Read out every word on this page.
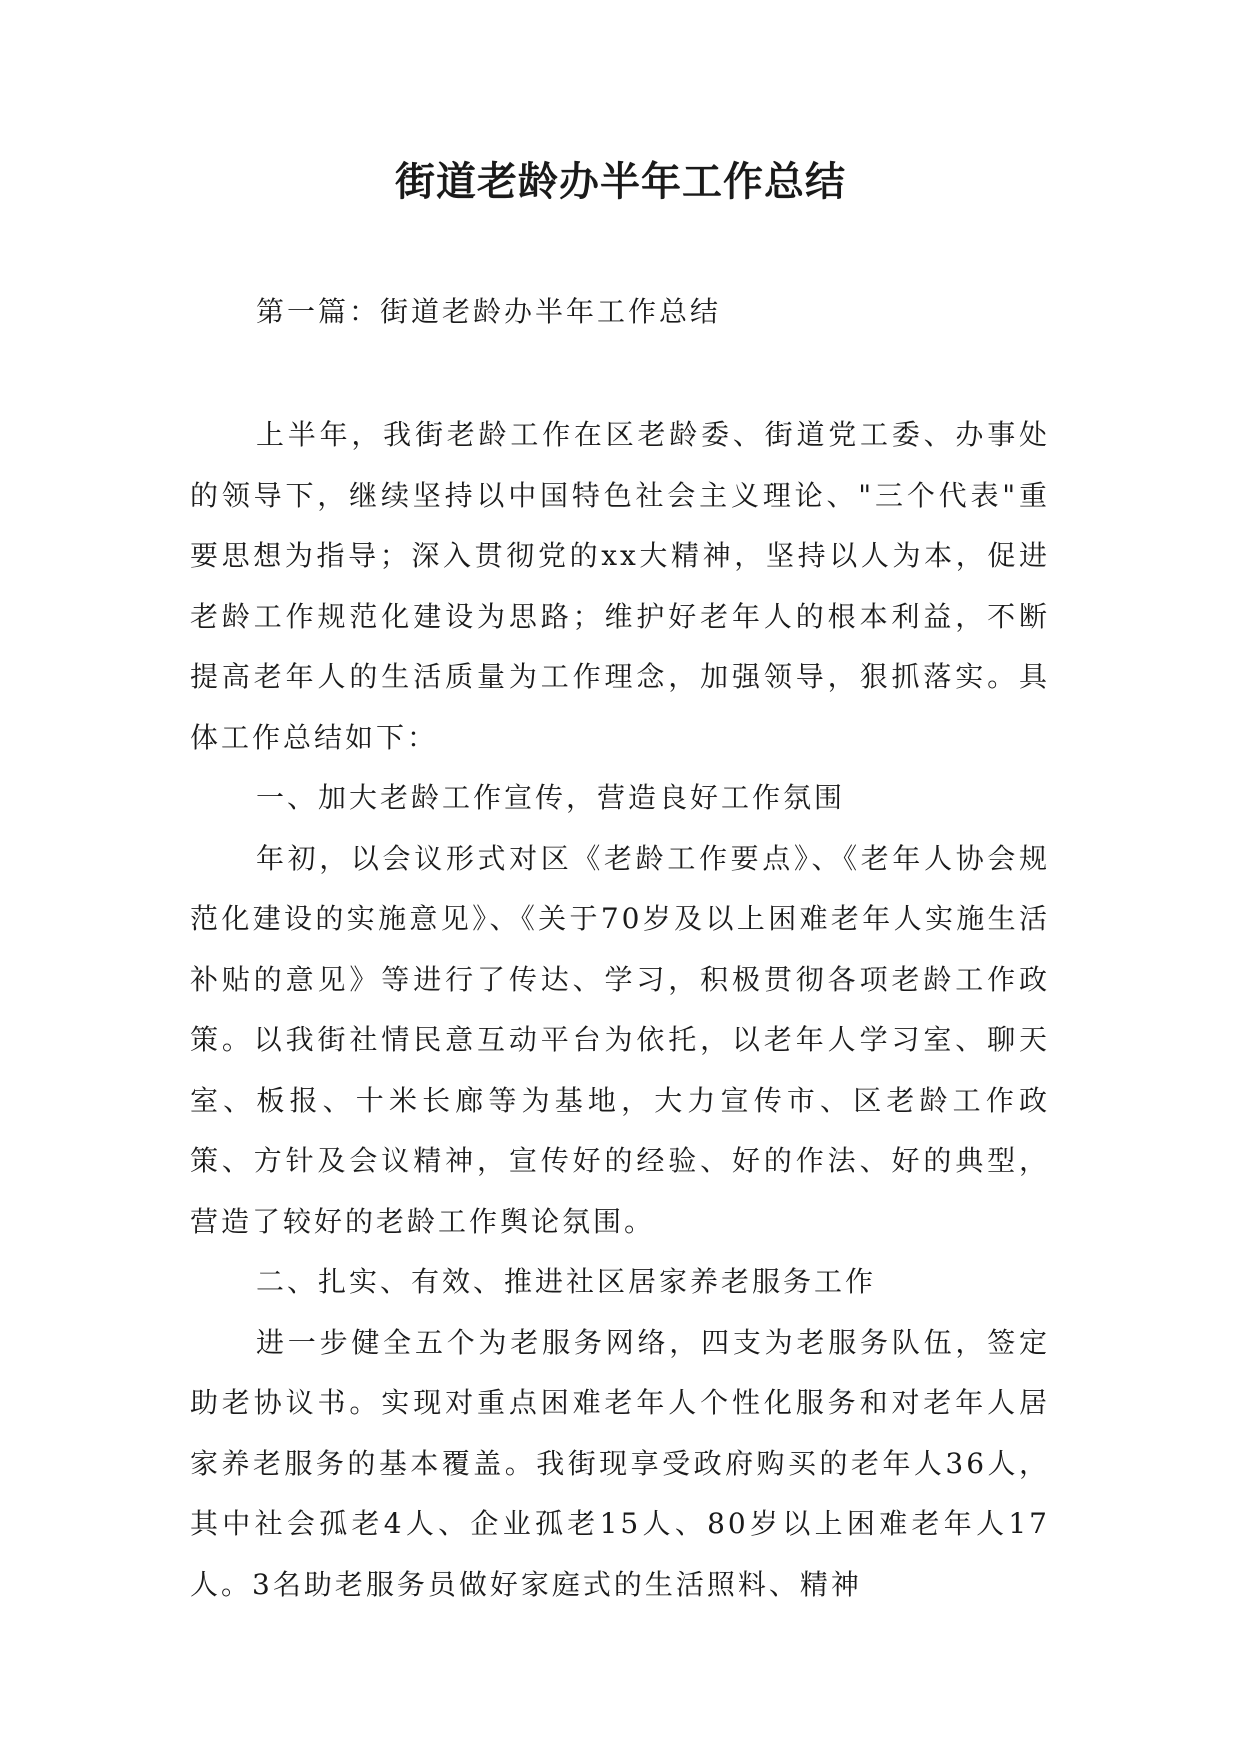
街道老龄办半年工作总结

第一篇：街道老龄办半年工作总结

上半年，我街老龄工作在区老龄委、街道党工委、办事处的领导下，继续坚持以中国特色社会主义理论、"三个代表"重要思想为指导；深入贯彻党的xx大精神，坚持以人为本，促进老龄工作规范化建设为思路；维护好老年人的根本利益，不断提高老年人的生活质量为工作理念，加强领导，狠抓落实。具体工作总结如下：

一、加大老龄工作宣传，营造良好工作氛围

年初，以会议形式对区《老龄工作要点》、《老年人协会规范化建设的实施意见》、《关于70岁及以上困难老年人实施生活补贴的意见》等进行了传达、学习，积极贯彻各项老龄工作政策。以我街社情民意互动平台为依托，以老年人学习室、聊天室、板报、十米长廊等为基地，大力宣传市、区老龄工作政策、方针及会议精神，宣传好的经验、好的作法、好的典型，营造了较好的老龄工作舆论氛围。

二、扎实、有效、推进社区居家养老服务工作

进一步健全五个为老服务网络，四支为老服务队伍，签定助老协议书。实现对重点困难老年人个性化服务和对老年人居家养老服务的基本覆盖。我街现享受政府购买的老年人36人，其中社会孤老4人、企业孤老15人、80岁以上困难老年人17人。3名助老服务员做好家庭式的生活照料、精神
